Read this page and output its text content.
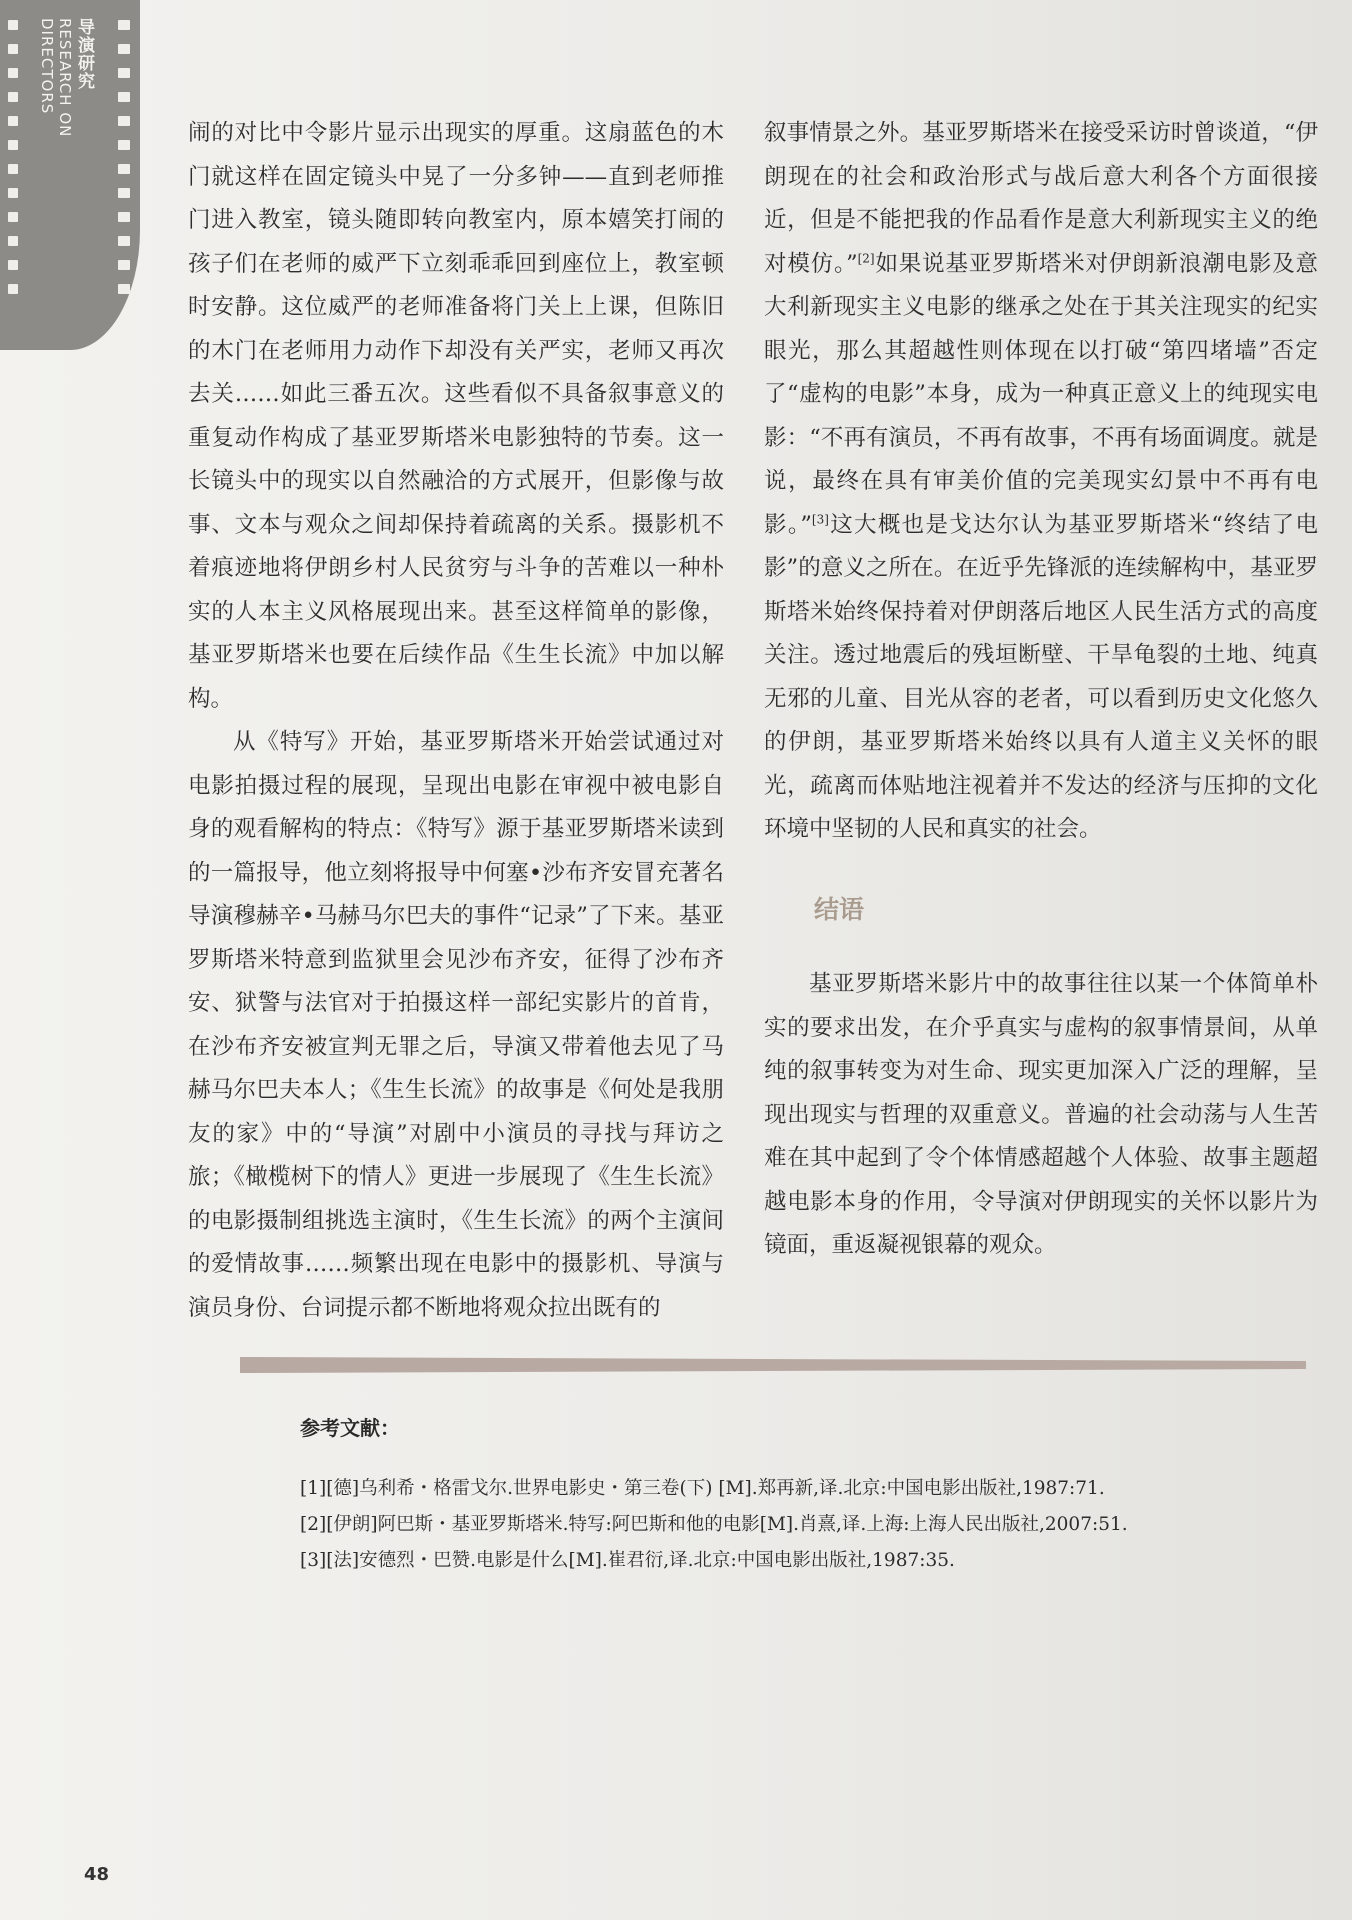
导演研究
RESEARCH ON
DIRECTORS

闹的对比中令影片显示出现实的厚重。这扇蓝色的木门就这样在固定镜头中晃了一分多钟——直到老师推门进入教室，镜头随即转向教室内，原本嬉笑打闹的孩子们在老师的威严下立刻乖乖回到座位上，教室顿时安静。这位威严的老师准备将门关上上课，但陈旧的木门在老师用力动作下却没有关严实，老师又再次去关……如此三番五次。这些看似不具备叙事意义的重复动作构成了基亚罗斯塔米电影独特的节奏。这一长镜头中的现实以自然融洽的方式展开，但影像与故事、文本与观众之间却保持着疏离的关系。摄影机不着痕迹地将伊朗乡村人民贫穷与斗争的苦难以一种朴实的人本主义风格展现出来。甚至这样简单的影像，基亚罗斯塔米也要在后续作品《生生长流》中加以解构。

从《特写》开始，基亚罗斯塔米开始尝试通过对电影拍摄过程的展现，呈现出电影在审视中被电影自身的观看解构的特点：《特写》源于基亚罗斯塔米读到的一篇报导，他立刻将报导中何塞•沙布齐安冒充著名导演穆赫辛•马赫马尔巴夫的事件“记录”了下来。基亚罗斯塔米特意到监狱里会见沙布齐安，征得了沙布齐安、狱警与法官对于拍摄这样一部纪实影片的首肯，在沙布齐安被宣判无罪之后，导演又带着他去见了马赫马尔巴夫本人；《生生长流》的故事是《何处是我朋友的家》中的“导演”对剧中小演员的寻找与拜访之旅；《橄榄树下的情人》更进一步展现了《生生长流》的电影摄制组挑选主演时，《生生长流》的两个主演间的爱情故事……频繁出现在电影中的摄影机、导演与演员身份、台词提示都不断地将观众拉出既有的

叙事情景之外。基亚罗斯塔米在接受采访时曾谈道，“伊朗现在的社会和政治形式与战后意大利各个方面很接近，但是不能把我的作品看作是意大利新现实主义的绝对模仿。”[2]如果说基亚罗斯塔米对伊朗新浪潮电影及意大利新现实主义电影的继承之处在于其关注现实的纪实眼光，那么其超越性则体现在以打破“第四堵墙”否定了“虚构的电影”本身，成为一种真正意义上的纯现实电影：“不再有演员，不再有故事，不再有场面调度。就是说，最终在具有审美价值的完美现实幻景中不再有电影。”[3]这大概也是戈达尔认为基亚罗斯塔米“终结了电影”的意义之所在。在近乎先锋派的连续解构中，基亚罗斯塔米始终保持着对伊朗落后地区人民生活方式的高度关注。透过地震后的残垣断壁、干旱龟裂的土地、纯真无邪的儿童、目光从容的老者，可以看到历史文化悠久的伊朗，基亚罗斯塔米始终以具有人道主义关怀的眼光，疏离而体贴地注视着并不发达的经济与压抑的文化环境中坚韧的人民和真实的社会。

结语

基亚罗斯塔米影片中的故事往往以某一个体简单朴实的要求出发，在介乎真实与虚构的叙事情景间，从单纯的叙事转变为对生命、现实更加深入广泛的理解，呈现出现实与哲理的双重意义。普遍的社会动荡与人生苦难在其中起到了令个体情感超越个人体验、故事主题超越电影本身的作用，令导演对伊朗现实的关怀以影片为镜面，重返凝视银幕的观众。

参考文献：
[1][德]乌利希・格雷戈尔.世界电影史・第三卷(下) [M].郑再新,译.北京:中国电影出版社,1987:71.
[2][伊朗]阿巴斯・基亚罗斯塔米.特写:阿巴斯和他的电影[M].肖熹,译.上海:上海人民出版社,2007:51.
[3][法]安德烈・巴赞.电影是什么[M].崔君衍,译.北京:中国电影出版社,1987:35.
48
